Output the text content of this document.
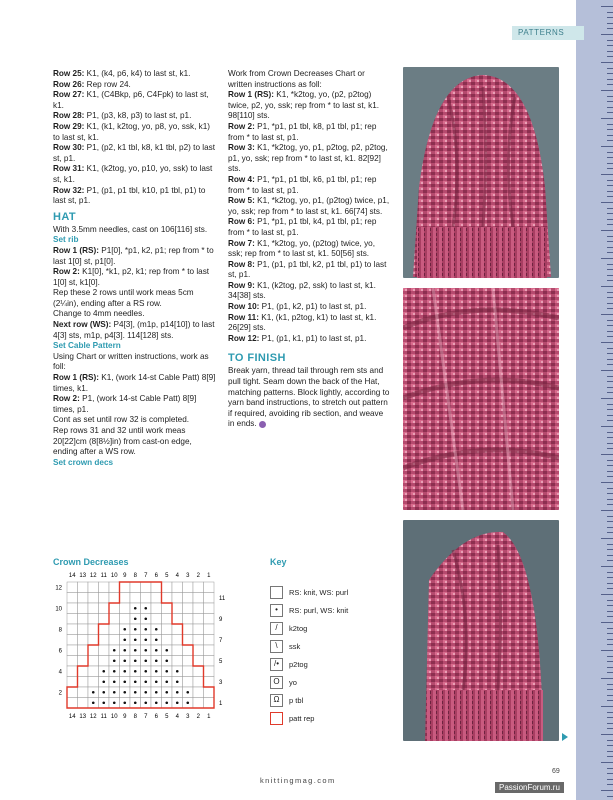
PATTERNS

Row 25: K1, (k4, p6, k4) to last st, k1.

Row 26: Rep row 24.

Row 27: K1, (C4Bkp, p6, C4Fpk) to last st, k1.

Row 28: P1, (p3, k8, p3) to last st, p1.

Row 29: K1, (k1, k2tog, yo, p8, yo, ssk, k1) to last st, k1.

Row 30: P1, (p2, k1 tbl, k8, k1 tbl, p2) to last st, p1.

Row 31: K1, (k2tog, yo, p10, yo, ssk) to last st, k1.

Row 32: P1, (p1, p1 tbl, k10, p1 tbl, p1) to last st, p1.

HAT

With 3.5mm needles, cast on 106[116] sts.

Set rib

Row 1 (RS): P1[0], *p1, k2, p1; rep from * to last 1[0] st, p1[0].

Row 2: K1[0], *k1, p2, k1; rep from * to last 1[0] st, k1[0].

Rep these 2 rows until work meas 5cm (2¼in), ending after a RS row.

Change to 4mm needles.

Next row (WS): P4[3], (m1p, p14[10]) to last 4[3] sts, m1p, p4[3]. 114[128] sts.

Set Cable Pattern

Using Chart or written instructions, work as foll:

Row 1 (RS): K1, (work 14-st Cable Patt) 8[9] times, k1.

Row 2: P1, (work 14-st Cable Patt) 8[9] times, p1.

Cont as set until row 32 is completed.

Rep rows 31 and 32 until work meas 20[22]cm (8[8½]in) from cast-on edge, ending after a WS row.

Set crown decs

Work from Crown Decreases Chart or written instructions as foll:

Row 1 (RS): K1, *k2tog, yo, (p2, p2tog) twice, p2, yo, ssk; rep from * to last st, k1. 98[110] sts.

Row 2: P1, *p1, p1 tbl, k8, p1 tbl, p1; rep from * to last st, p1.

Row 3: K1, *k2tog, yo, p1, p2tog, p2, p2tog, p1, yo, ssk; rep from * to last st, k1. 82[92] sts.

Row 4: P1, *p1, p1 tbl, k6, p1 tbl, p1; rep from * to last st, p1.

Row 5: K1, *k2tog, yo, p1, (p2tog) twice, p1, yo, ssk; rep from * to last st, k1. 66[74] sts.

Row 6: P1, *p1, p1 tbl, k4, p1 tbl, p1; rep from * to last st, p1.

Row 7: K1, *k2tog, yo, (p2tog) twice, yo, ssk; rep from * to last st, k1. 50[56] sts.

Row 8: P1, (p1, p1 tbl, k2, p1 tbl, p1) to last st, p1.

Row 9: K1, (k2tog, p2, ssk) to last st, k1. 34[38] sts.

Row 10: P1, (p1, k2, p1) to last st, p1.

Row 11: K1, (k1, p2tog, k1) to last st, k1. 26[29] sts.

Row 12: P1, (p1, k1, p1) to last st, p1.

TO FINISH

Break yarn, thread tail through rem sts and pull tight. Seam down the back of the Hat, matching patterns. Block lightly, according to yarn band instructions, to stretch out pattern if required, avoiding rib section, and weave in ends.

Crown Decreases
14
14
13
13
12
12
11
11
10
10
9
9
8
8
7
7
6
6
5
5
4
4
3
3
2
2
1
1
12
11
10
9
8
7
6
5
4
3
2
1
Key
RS: knit, WS: purl
•	RS: purl, WS: knit
/	k2tog
\	ssk
/•	p2tog
O	yo
Ω	p tbl
patt rep
knittingmag.com
69
PassionForum.ru
